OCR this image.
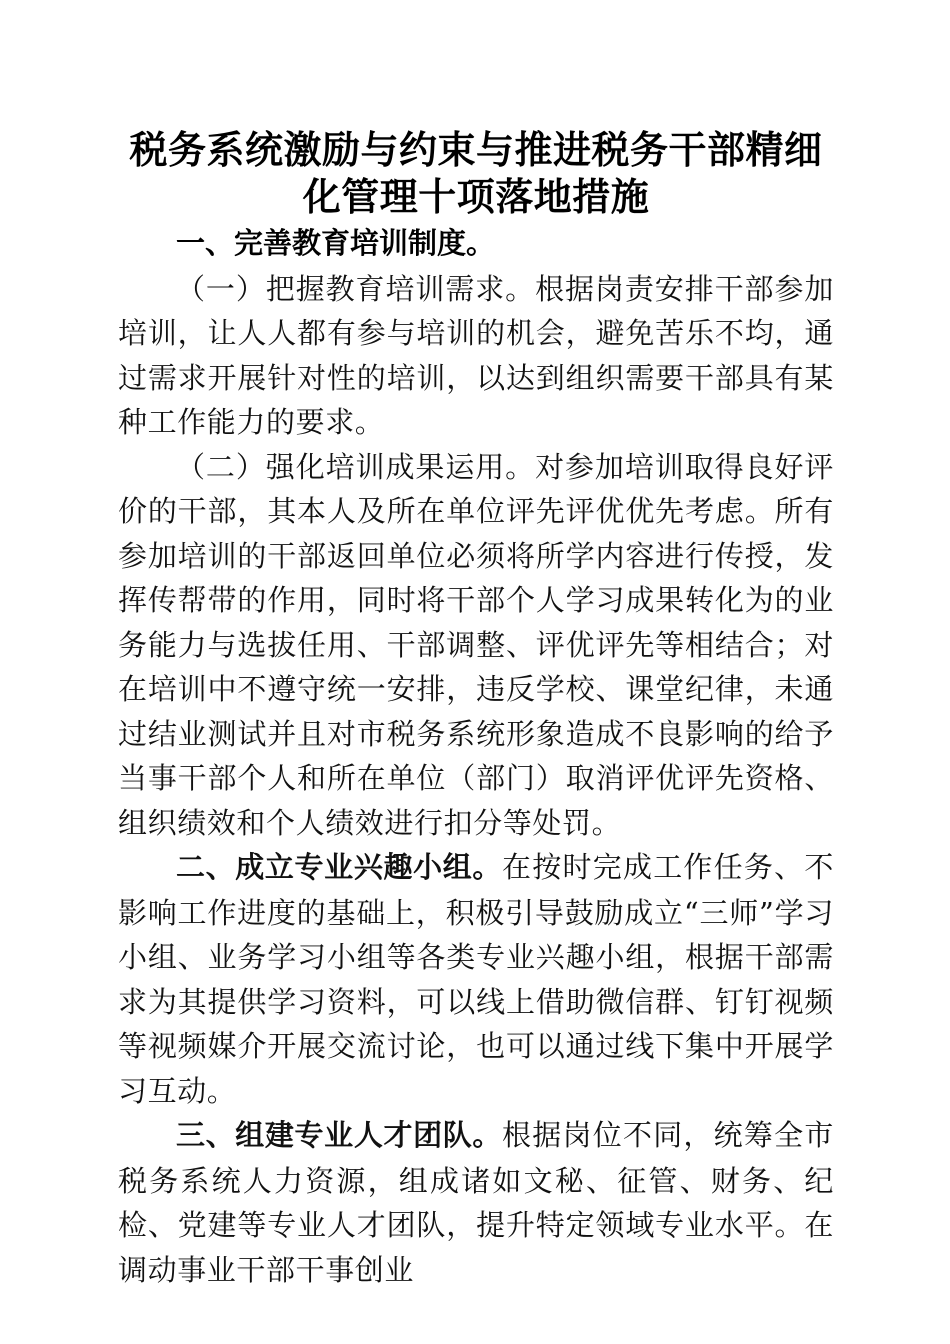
税务系统激励与约束与推进税务干部精细化管理十项落地措施

一、完善教育培训制度。

（一）把握教育培训需求。根据岗责安排干部参加培训，让人人都有参与培训的机会，避免苦乐不均，通过需求开展针对性的培训，以达到组织需要干部具有某种工作能力的要求。

（二）强化培训成果运用。对参加培训取得良好评价的干部，其本人及所在单位评先评优优先考虑。所有参加培训的干部返回单位必须将所学内容进行传授，发挥传帮带的作用，同时将干部个人学习成果转化为的业务能力与选拔任用、干部调整、评优评先等相结合；对在培训中不遵守统一安排，违反学校、课堂纪律，未通过结业测试并且对市税务系统形象造成不良影响的给予当事干部个人和所在单位（部门）取消评优评先资格、组织绩效和个人绩效进行扣分等处罚。

二、成立专业兴趣小组。在按时完成工作任务、不影响工作进度的基础上，积极引导鼓励成立“三师”学习小组、业务学习小组等各类专业兴趣小组，根据干部需求为其提供学习资料，可以线上借助微信群、钉钉视频等视频媒介开展交流讨论，也可以通过线下集中开展学习互动。

三、组建专业人才团队。根据岗位不同，统筹全市税务系统人力资源，组成诸如文秘、征管、财务、纪检、党建等专业人才团队，提升特定领域专业水平。在调动事业干部干事创业
